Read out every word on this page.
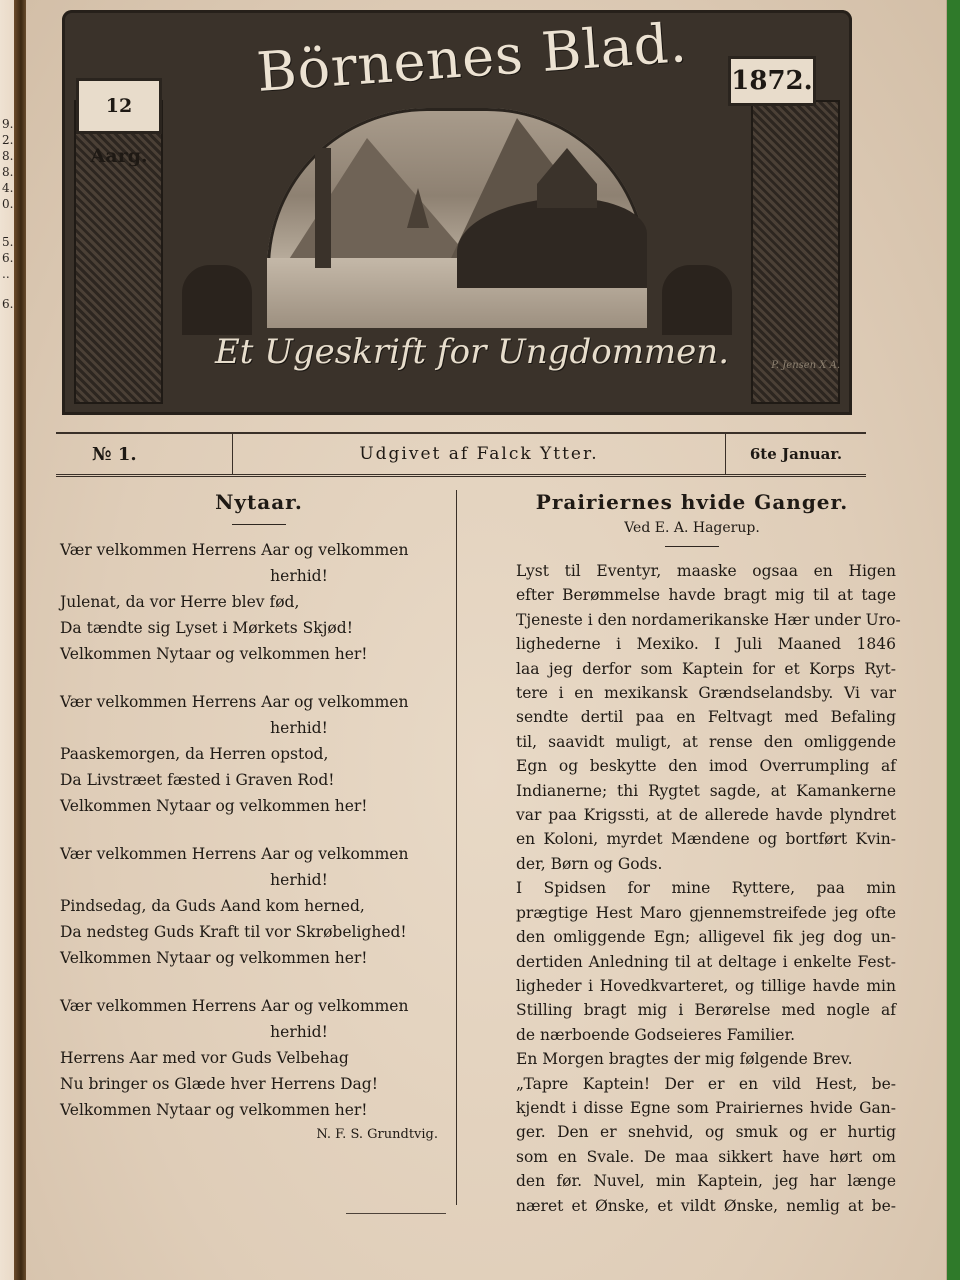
9.
2.
8.
8.
4.
0.
5.
6.
..
6.
Börnenes Blad.
12 Aarg.
1872.
Et Ugeskrift for Ungdommen.	P. Jensen X A.
№ 1.	Udgivet af Falck Ytter.	6te Januar.
Nytaar.
Vær velkommen Herrens Aar og velkommen
herhid!
Julenat, da vor Herre blev fød,
Da tændte sig Lyset i Mørkets Skjød!
Velkommen Nytaar og velkommen her!
Vær velkommen Herrens Aar og velkommen
herhid!
Paaskemorgen, da Herren opstod,
Da Livstræet fæsted i Graven Rod!
Velkommen Nytaar og velkommen her!
Vær velkommen Herrens Aar og velkommen
herhid!
Pindsedag, da Guds Aand kom herned,
Da nedsteg Guds Kraft til vor Skrøbelighed!
Velkommen Nytaar og velkommen her!
Vær velkommen Herrens Aar og velkommen
herhid!
Herrens Aar med vor Guds Velbehag
Nu bringer os Glæde hver Herrens Dag!
Velkommen Nytaar og velkommen her!
N. F. S. Grundtvig.
Prairiernes hvide Ganger.
Ved E. A. Hagerup.

Lyst til Eventyr, maaske ogsaa en Higen
efter Berømmelse havde bragt mig til at tage
Tjeneste i den nordamerikanske Hær under Uro-
lighederne i Mexiko. I Juli Maaned 1846
laa jeg derfor som Kaptein for et Korps Ryt-
tere i en mexikansk Grændselandsby. Vi var
sendte dertil paa en Feltvagt med Befaling
til, saavidt muligt, at rense den omliggende
Egn og beskytte den imod Overrumpling af
Indianerne; thi Rygtet sagde, at Kamankerne
var paa Krigssti, at de allerede havde plyndret
en Koloni, myrdet Mændene og bortført Kvin-
der, Børn og Gods.

I Spidsen for mine Ryttere, paa min
prægtige Hest Maro gjennemstreifede jeg ofte
den omliggende Egn; alligevel fik jeg dog un-
dertiden Anledning til at deltage i enkelte Fest-
ligheder i Hovedkvarteret, og tillige havde min
Stilling bragt mig i Berørelse med nogle af
de nærboende Godseieres Familier.

En Morgen bragtes der mig følgende Brev.

„Tapre Kaptein! Der er en vild Hest, be-
kjendt i disse Egne som Prairiernes hvide Gan-
ger. Den er snehvid, og smuk og er hurtig
som en Svale. De maa sikkert have hørt om
den før. Nuvel, min Kaptein, jeg har længe
næret et Ønske, et vildt Ønske, nemlig at be-
